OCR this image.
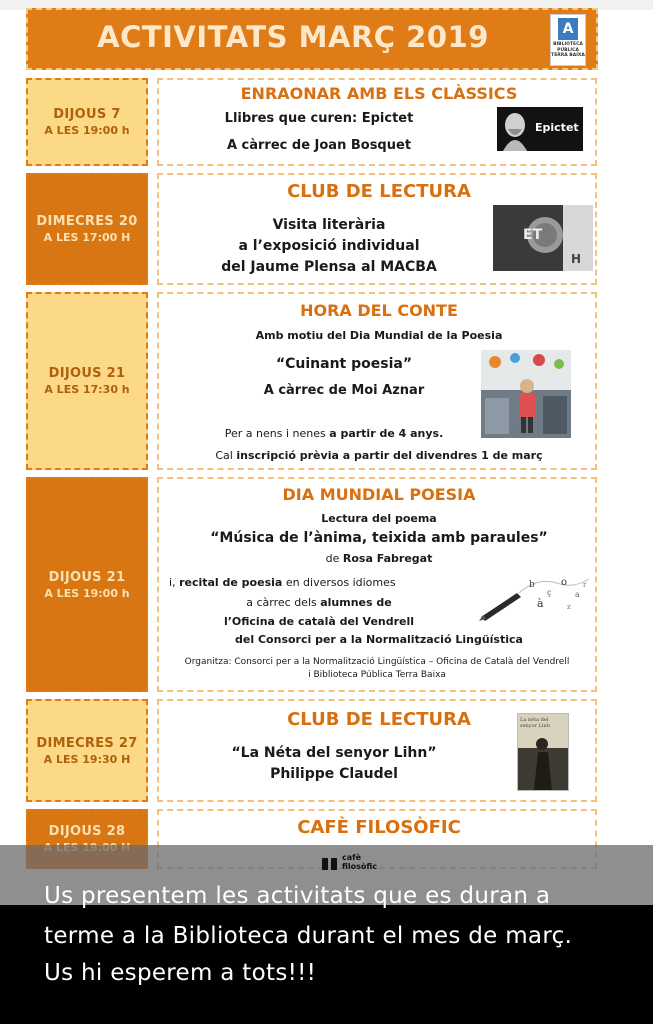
ACTIVITATS MARÇ 2019	A
BIBLIOTECA
PÚBLICA
TERRA BAIXA
DIJOUS 7
A LES 19:00 h
ENRAONAR AMB ELS CLÀSSICS
Llibres que curen: Epictet
A càrrec de Joan Bosquet
Epictet
DIMECRES 20
A LES 17:00 H
CLUB DE LECTURA
Visita literària
a l’exposició individual
del Jaume Plensa al MACBA
ET
H
DIJOUS 21
A LES 17:30 h
HORA DEL CONTE
Amb motiu del Dia Mundial de la Poesia
“Cuinant poesia”
A càrrec de Moi Aznar
Per a nens i nenes a partir de 4 anys.
Cal inscripció prèvia a partir del divendres 1 de març
DIJOUS 21
A LES 19:00 h
DIA MUNDIAL POESIA
Lectura del poema
“Música de l’ànima, teixida amb paraules”
de Rosa Fabregat
i, recital de poesia en diversos idiomes
a càrrec dels alumnes de
l’Oficina de català del Vendrell
del Consorci per a la Normalització Lingüística
Organitza: Consorci per a la Normalització Lingüística – Oficina de Català del Vendrell
i Biblioteca Pública Terra Baixa
b
ç
o
a
à	z
r
DIMECRES 27
A LES 19:30 H
CLUB DE LECTURA
“La Néta del senyor Lihn”
Philippe Claudel
La néta del senyor Linh
DIJOUS 28	CAFÈ FILOSÒFIC
cafè
filosòfic
Us presentem les activitats que es duran a
terme a la Biblioteca durant el mes de març.
Us hi esperem a tots!!!
